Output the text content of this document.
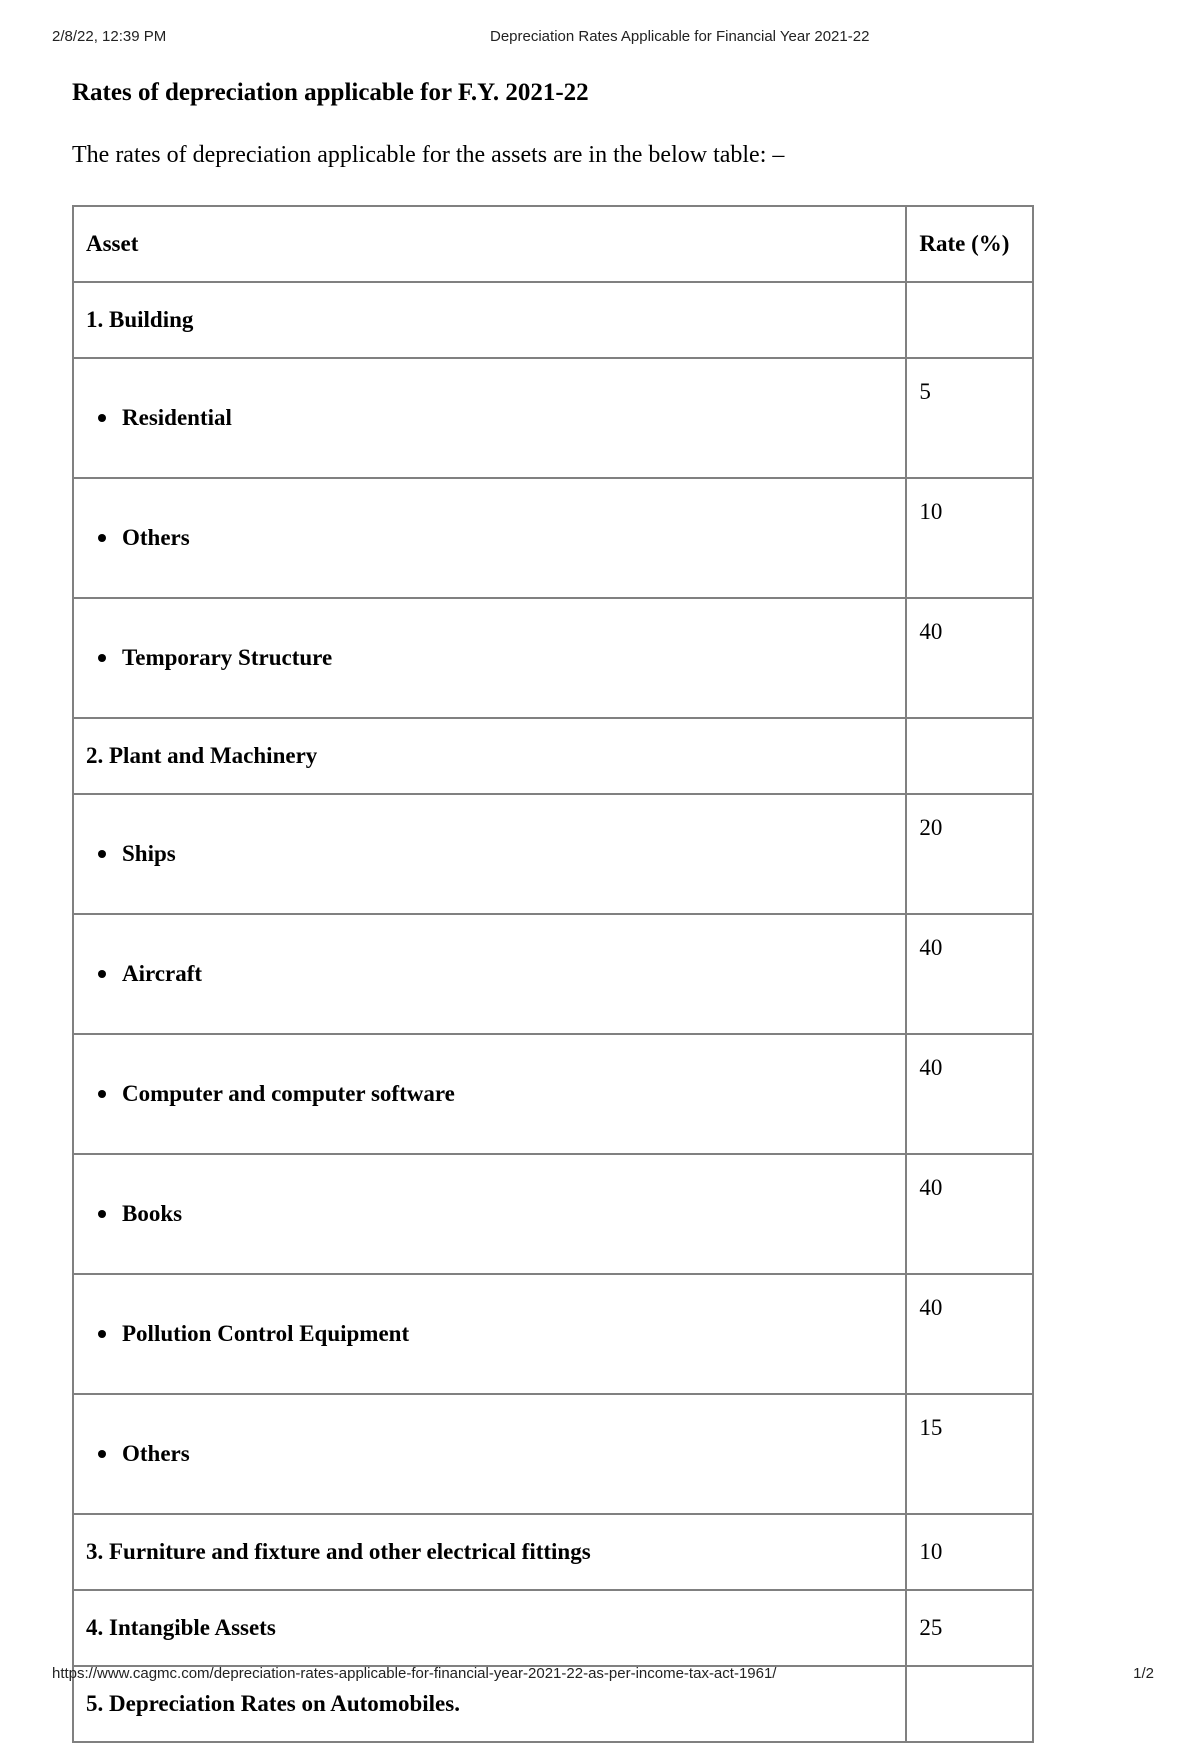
2/8/22, 12:39 PM	Depreciation Rates Applicable for Financial Year 2021-22
Rates of depreciation applicable for F.Y. 2021-22

The rates of depreciation applicable for the assets are in the below table: –

Asset	Rate (%)
1. Building	

Residential	5

Others	10

Temporary Structure	40
2. Plant and Machinery	

Ships	20

Aircraft	40

Computer and computer software	40

Books	40

Pollution Control Equipment	40

Others	15
3. Furniture and fixture and other electrical fittings	10
4. Intangible Assets	25
5. Depreciation Rates on Automobiles.	
https://www.cagmc.com/depreciation-rates-applicable-for-financial-year-2021-22-as-per-income-tax-act-1961/	1/2
